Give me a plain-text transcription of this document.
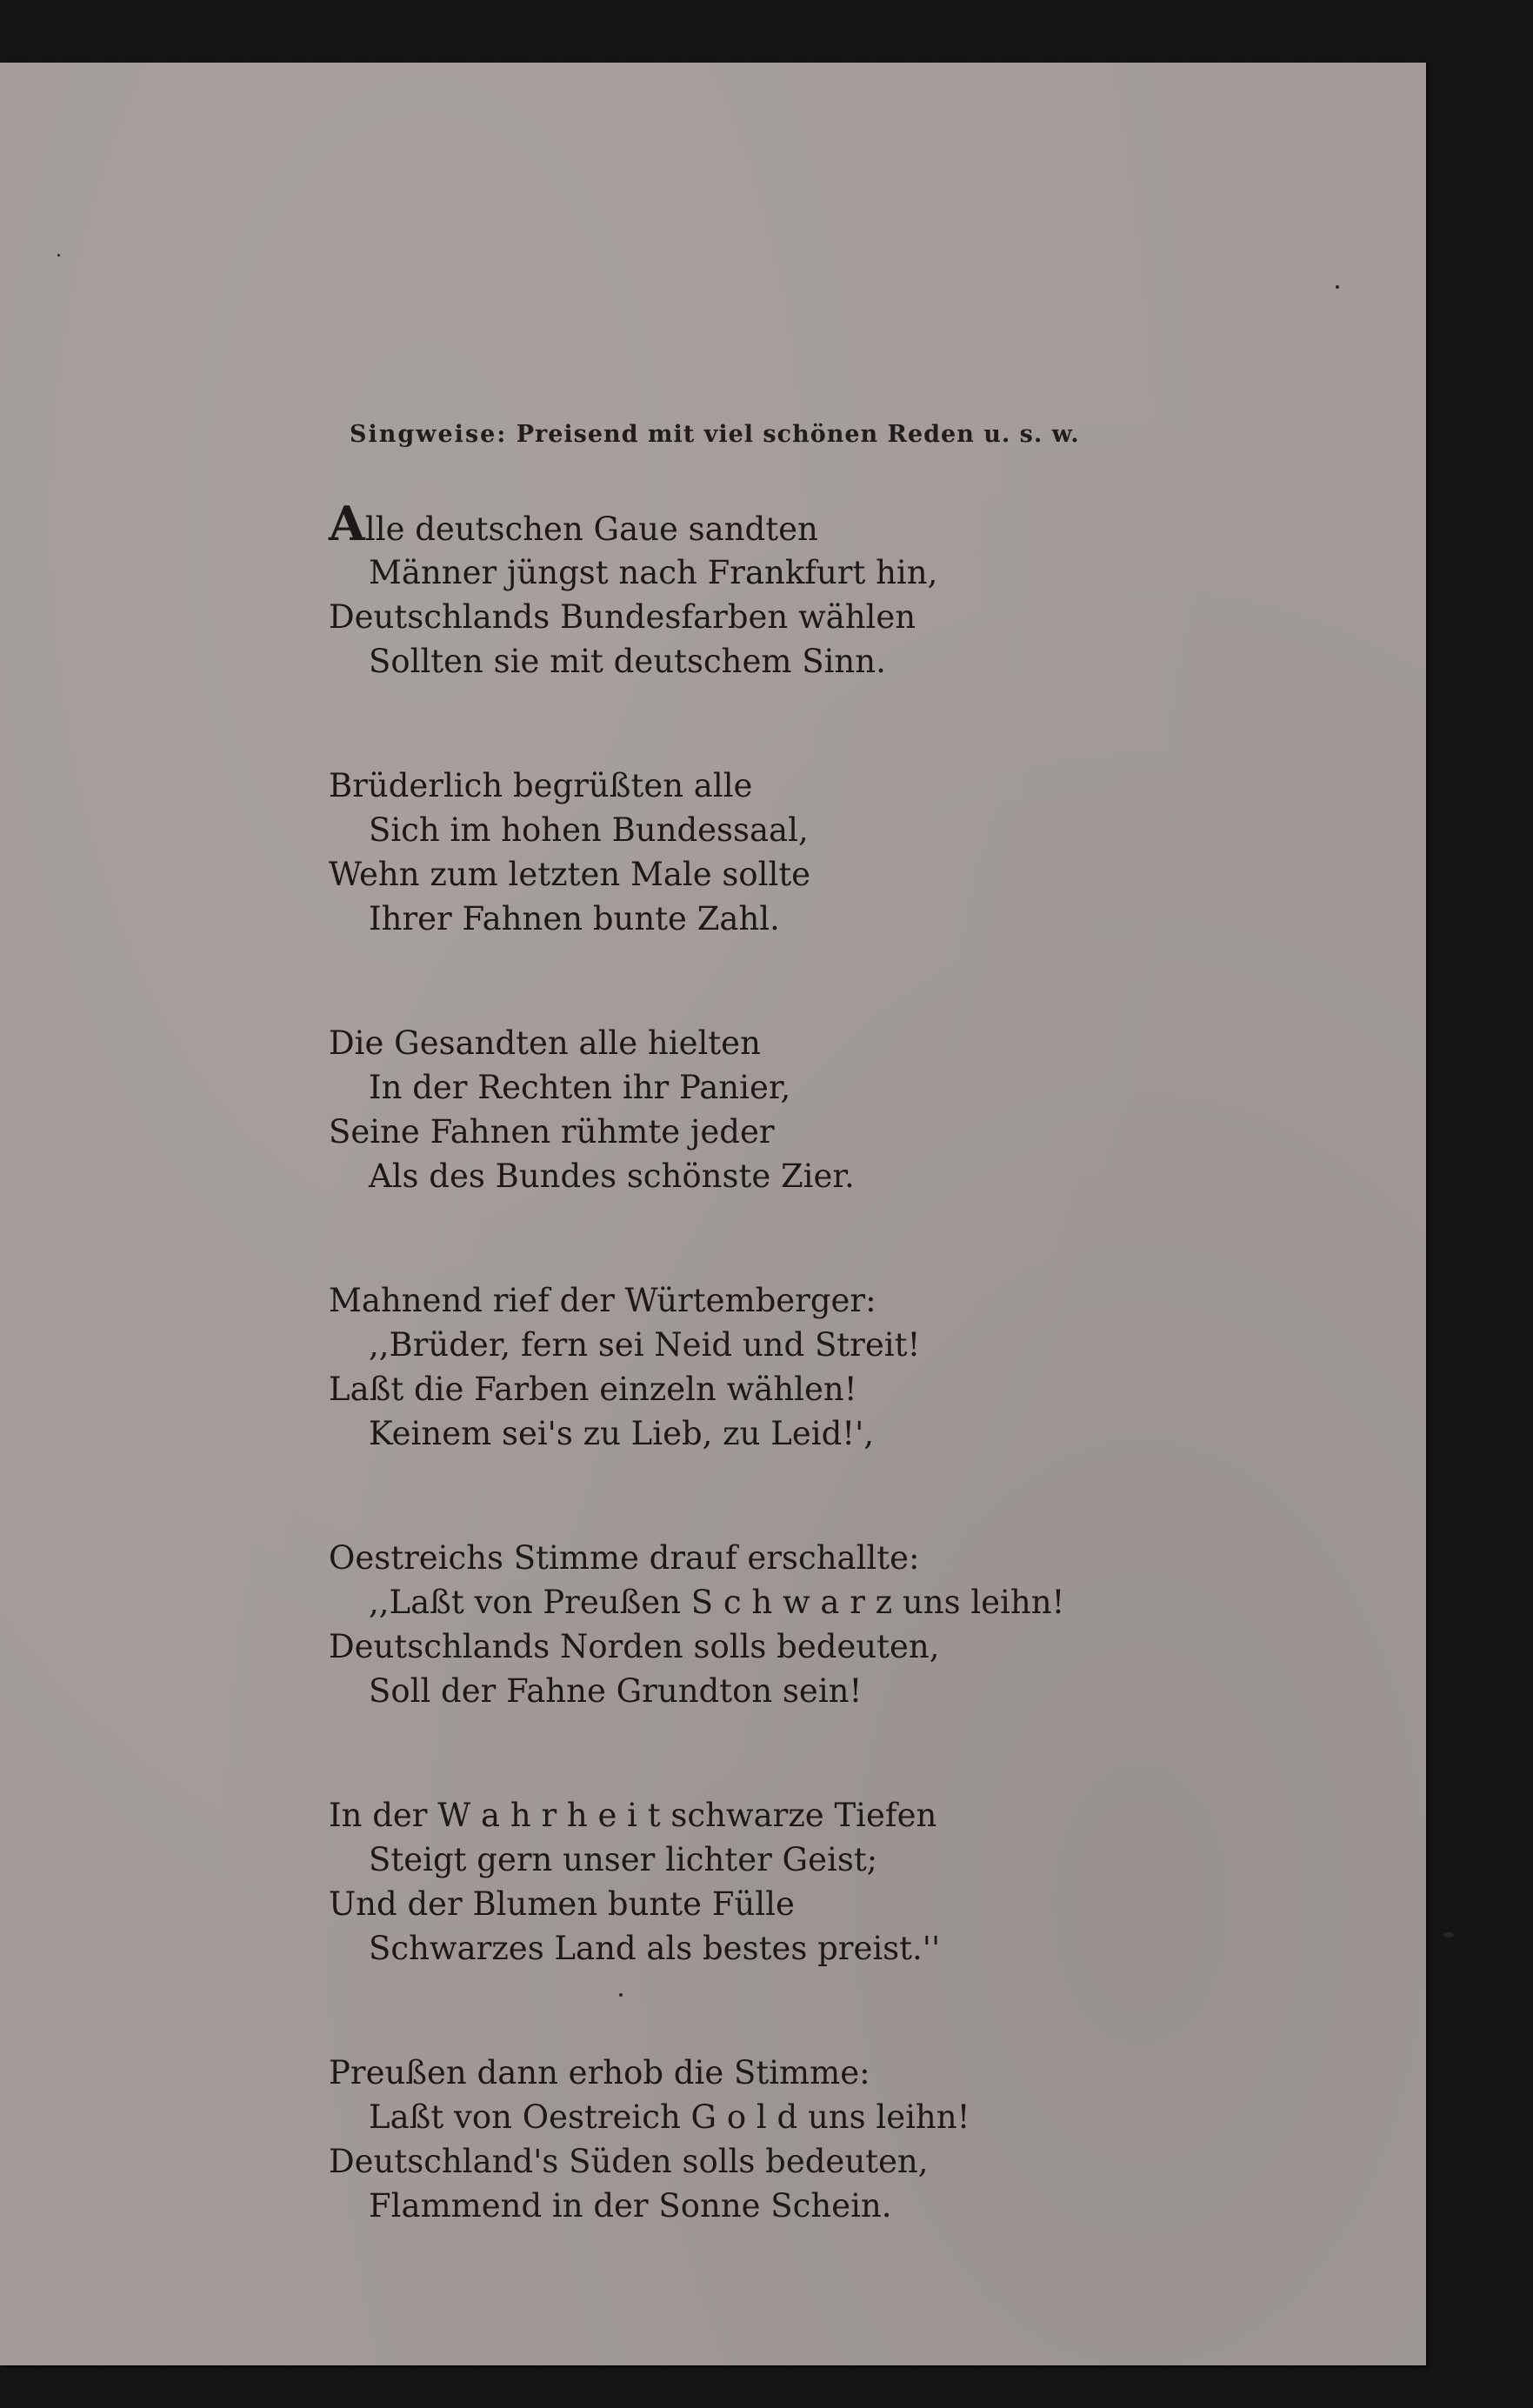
Singweise: Preisend mit viel schönen Reden u. s. w.
Alle deutschen Gaue sandten
Männer jüngst nach Frankfurt hin,
Deutschlands Bundesfarben wählen
Sollten sie mit deutschem Sinn.
Brüderlich begrüßten alle
Sich im hohen Bundessaal,
Wehn zum letzten Male sollte
Ihrer Fahnen bunte Zahl.
Die Gesandten alle hielten
In der Rechten ihr Panier,
Seine Fahnen rühmte jeder
Als des Bundes schönste Zier.
Mahnend rief der Würtemberger:
,,Brüder, fern sei Neid und Streit!
Laßt die Farben einzeln wählen!
Keinem sei's zu Lieb, zu Leid!',
Oestreichs Stimme drauf erschallte:
,,Laßt von Preußen S c h w a r z uns leihn!
Deutschlands Norden solls bedeuten,
Soll der Fahne Grundton sein!
In der W a h r h e i t schwarze Tiefen
Steigt gern unser lichter Geist;
Und der Blumen bunte Fülle
Schwarzes Land als bestes preist.''
Preußen dann erhob die Stimme:
Laßt von Oestreich G o l d uns leihn!
Deutschland's Süden solls bedeuten,
Flammend in der Sonne Schein.
